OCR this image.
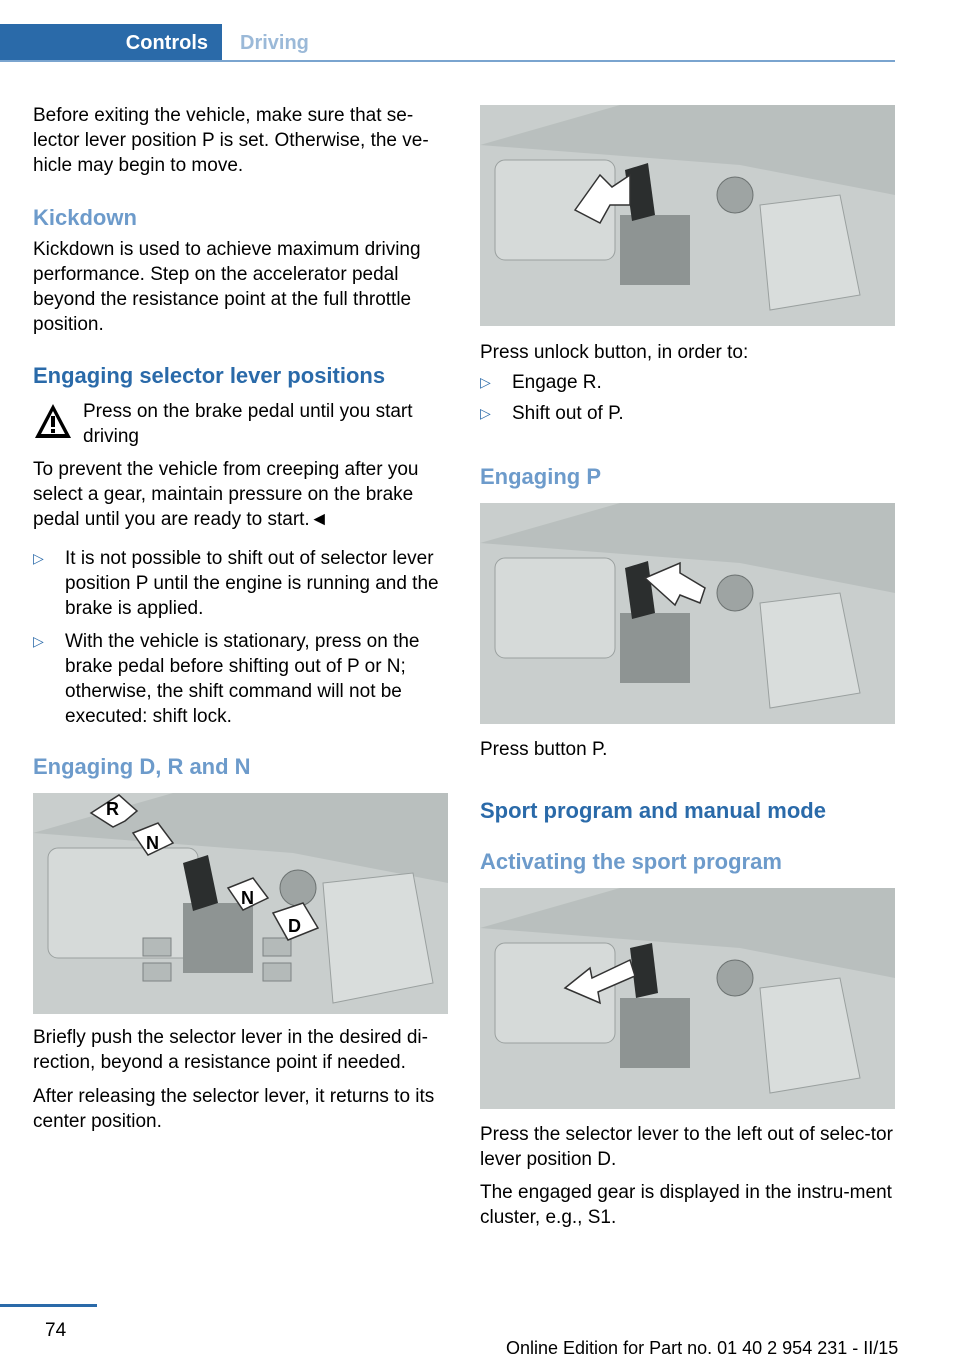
Controls	Driving

Before exiting the vehicle, make sure that se-lector lever position P is set. Otherwise, the ve-hicle may begin to move.

Kickdown

Kickdown is used to achieve maximum driving performance. Step on the accelerator pedal beyond the resistance point at the full throttle position.

Engaging selector lever positions

Press on the brake pedal until you start driving

To prevent the vehicle from creeping after you select a gear, maintain pressure on the brake pedal until you are ready to start.◄

▷	It is not possible to shift out of selector lever position P until the engine is running and the brake is applied.
▷	With the vehicle is stationary, press on the brake pedal before shifting out of P or N; otherwise, the shift command will not be executed: shift lock.
Engaging D, R and N
R
N
N
D

Briefly push the selector lever in the desired di-rection, beyond a resistance point if needed.

After releasing the selector lever, it returns to its center position.

Press unlock button, in order to:

▷	Engage R.
▷	Shift out of P.
Engaging P

Press button P.

Sport program and manual mode
Activating the sport program

Press the selector lever to the left out of selec-tor lever position D.

The engaged gear is displayed in the instru-ment cluster, e.g., S1.

74
Online Edition for Part no. 01 40 2 954 231 - II/15
